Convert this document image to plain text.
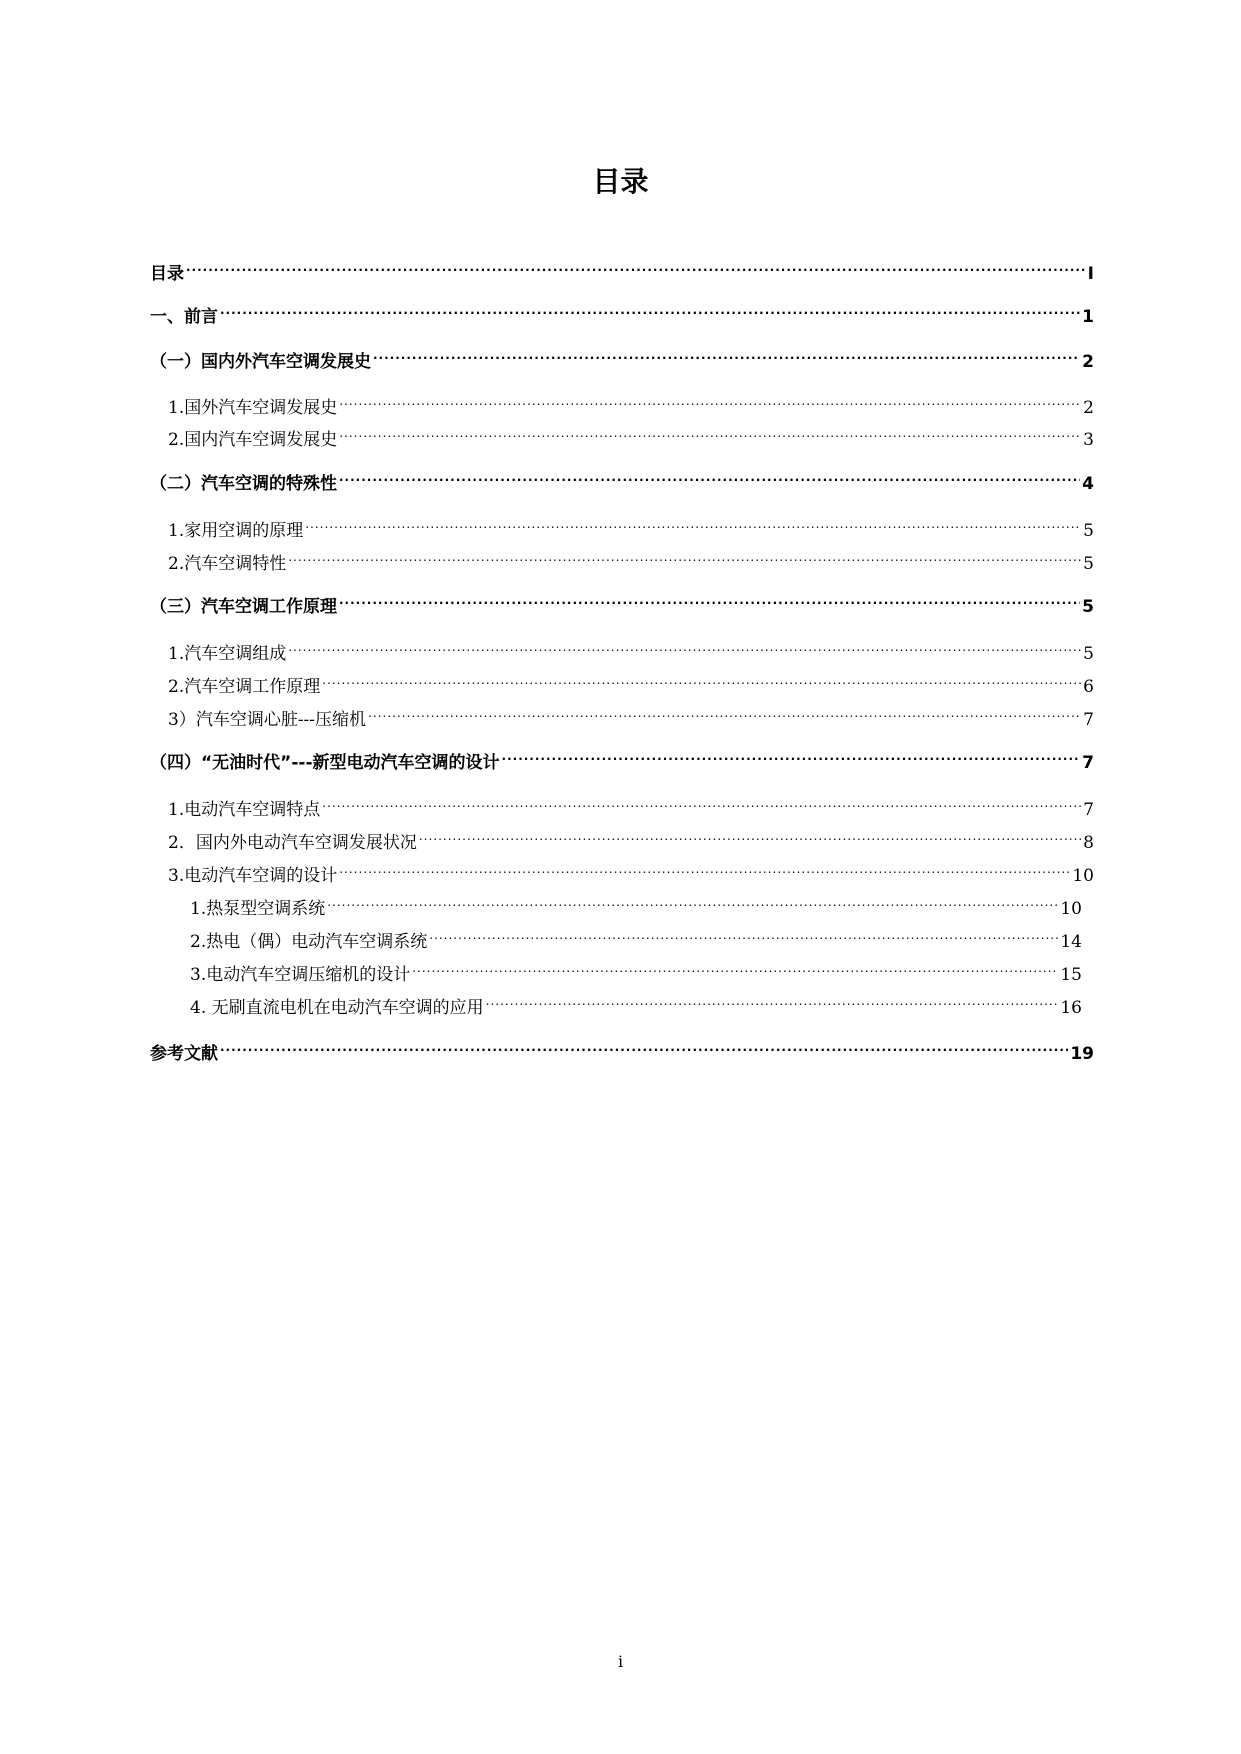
目录
目录 .....	I
一、前言 .....	1
（一）国内外汽车空调发展史 .....	2
1.国外汽车空调发展史 .....	2
2.国内汽车空调发展史 .....	3
（二）汽车空调的特殊性 .....	4
1.家用空调的原理 .....	5
2.汽车空调特性 .....	5
（三）汽车空调工作原理 .....	5
1.汽车空调组成 .....	5
2.汽车空调工作原理 .....	6
3）汽车空调心脏---压缩机 .....	7
（四）“无油时代”---新型电动汽车空调的设计 .....	7
1.电动汽车空调特点 .....	7
2．国内外电动汽车空调发展状况 .....	8
3.电动汽车空调的设计 .....	10
1.热泵型空调系统 .....	10
2.热电（偶）电动汽车空调系统 .....	14
3.电动汽车空调压缩机的设计 .....	15
4. 无刷直流电机在电动汽车空调的应用 .....	16
参考文献 .....	19
i
